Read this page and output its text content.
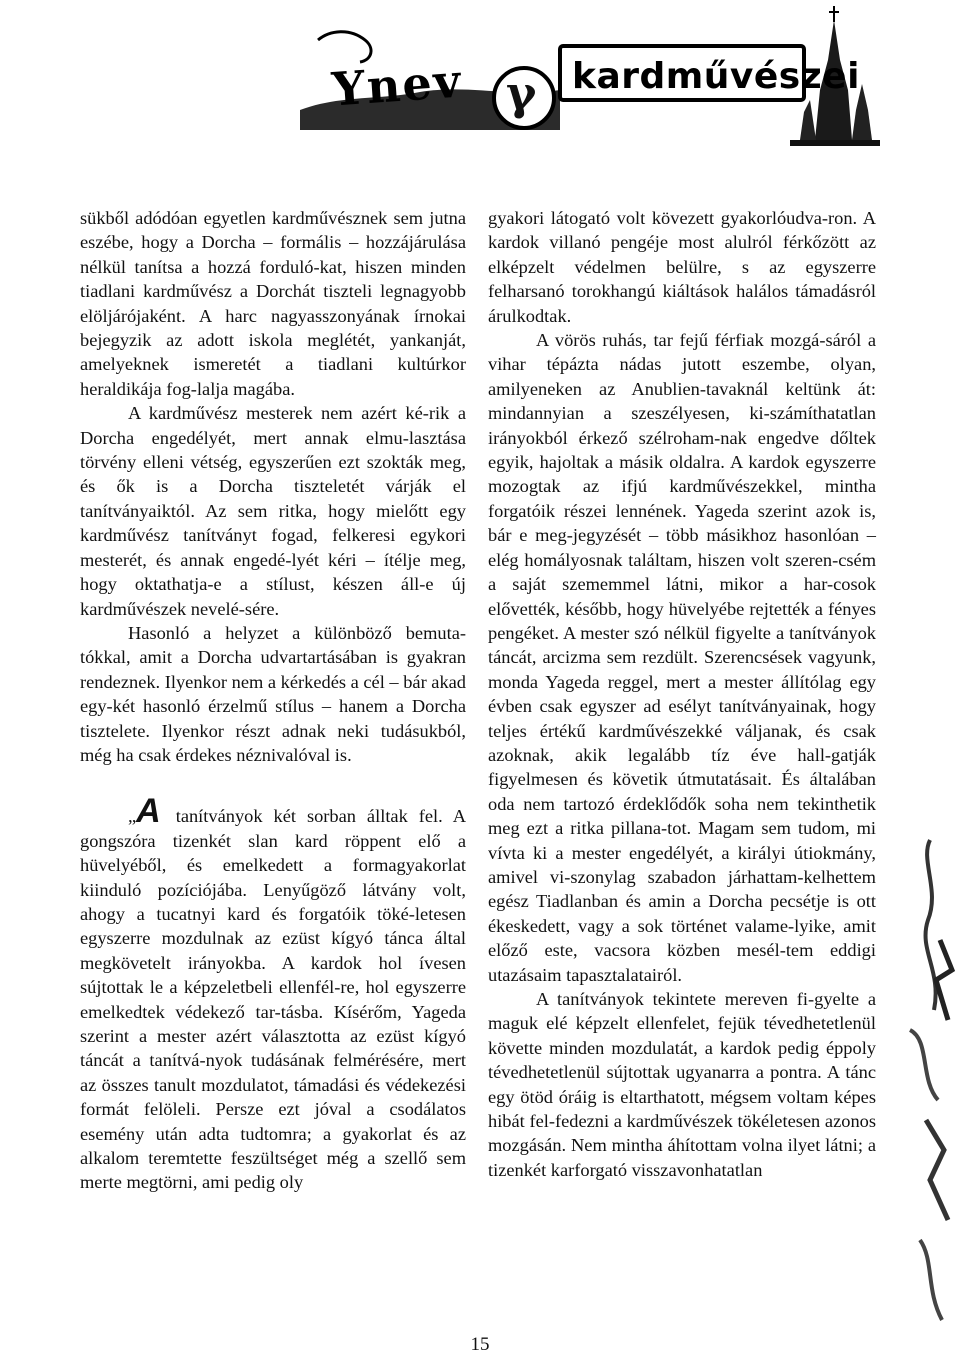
Ynev γ kardművészei

sükből adódóan egyetlen kardművésznek sem jutna eszébe, hogy a Dorcha – formális – hozzájárulása nélkül tanítsa a hozzá forduló-kat, hiszen minden tiadlani kardművész a Dorchát tiszteli legnagyobb elöljárójaként. A harc nagyasszonyának írnokai bejegyzik az adott iskola meglétét, yankanját, amelyeknek ismeretét a tiadlani kultúrkor heraldikája fog-lalja magába.

A kardművész mesterek nem azért ké-rik a Dorcha engedélyét, mert annak elmu-lasztása törvény elleni vétség, egyszerűen ezt szokták meg, és ők is a Dorcha tiszteletét várják el tanítványaiktól. Az sem ritka, hogy mielőtt egy kardművész tanítványt fogad, felkeresi egykori mesterét, és annak engedé-lyét kéri – ítélje meg, hogy oktathatja-e a stílust, készen áll-e új kardművészek nevelé-sére.

Hasonló a helyzet a különböző bemuta-tókkal, amit a Dorcha udvartartásában is gyakran rendeznek. Ilyenkor nem a kérkedés a cél – bár akad egy-két hasonló érzelmű stílus – hanem a Dorcha tisztelete. Ilyenkor részt adnak neki tudásukból, még ha csak érdekes néznivalóval is.

„A tanítványok két sorban álltak fel. A gongszóra tizenkét slan kard röppent elő a hüvelyéből, és emelkedett a formagyakorlat kiinduló pozíciójába. Lenyűgöző látvány volt, ahogy a tucatnyi kard és forgatóik töké-letesen egyszerre mozdulnak az ezüst kígyó tánca által megkövetelt irányokba. A kardok hol ívesen sújtottak le a képzeletbeli ellenfél-re, hol egyszerre emelkedtek védekező tar-tásba. Kísérőm, Yageda szerint a mester azért választotta az ezüst kígyó táncát a tanítvá-nyok tudásának felmérésére, mert az összes tanult mozdulatot, támadási és védekezési formát felöleli. Persze ezt jóval a csodálatos esemény után adta tudtomra; a gyakorlat és az alkalom teremtette feszültséget még a szellő sem merte megtörni, ami pedig oly

gyakori látogató volt kövezett gyakorlóudva-ron. A kardok villanó pengéje most alulról férkőzött az elképzelt védelmen belülre, s az egyszerre felharsanó torokhangú kiáltások halálos támadásról árulkodtak.

A vörös ruhás, tar fejű férfiak mozgá-sáról a vihar tépázta nádas jutott eszembe, olyan, amilyeneken az Anublien-tavaknál keltünk át: mindannyian a szeszélyesen, ki-számíthatatlan irányokból érkező szélroham-nak engedve dőltek egyik, hajoltak a másik oldalra. A kardok egyszerre mozogtak az ifjú kardművészekkel, mintha forgatóik részei lennének. Yageda szerint azok is, bár e meg-jegyzését – több másikhoz hasonlóan – elég homályosnak találtam, hiszen volt szeren-csém a saját szememmel látni, mikor a har-cosok elővették, később, hogy hüvelyébe rejtették a fényes pengéket. A mester szó nélkül figyelte a tanítványok táncát, arcizma sem rezdült. Szerencsések vagyunk, monda Yageda reggel, mert a mester állítólag egy évben csak egyszer ad esélyt tanítványainak, hogy teljes értékű kardművészekké váljanak, és csak azoknak, akik legalább tíz éve hall-gatják figyelmesen és követik útmutatásait. És általában oda nem tartozó érdeklődők soha nem tekinthetik meg ezt a ritka pillana-tot. Magam sem tudom, mi vívta ki a mester engedélyét, a királyi útiokmány, amivel vi-szonylag szabadon járhattam-kelhettem egész Tiadlanban és amin a Dorcha pecsétje is ott ékeskedett, vagy a sok történet valame-lyike, amit előző este, vacsora közben mesél-tem eddigi utazásaim tapasztalatairól.

A tanítványok tekintete mereven fi-gyelte a maguk elé képzelt ellenfelet, fejük tévedhetetlenül követte minden mozdulatát, a kardok pedig éppoly tévedhetetlenül sújtottak ugyanarra a pontra. A tánc egy ötöd óráig is eltarthatott, mégsem voltam képes hibát fel-fedezni a kardművészek tökéletesen azonos mozgásán. Nem mintha áhítottam volna ilyet látni; a tizenkét karforgató visszavonhatatlan

15
